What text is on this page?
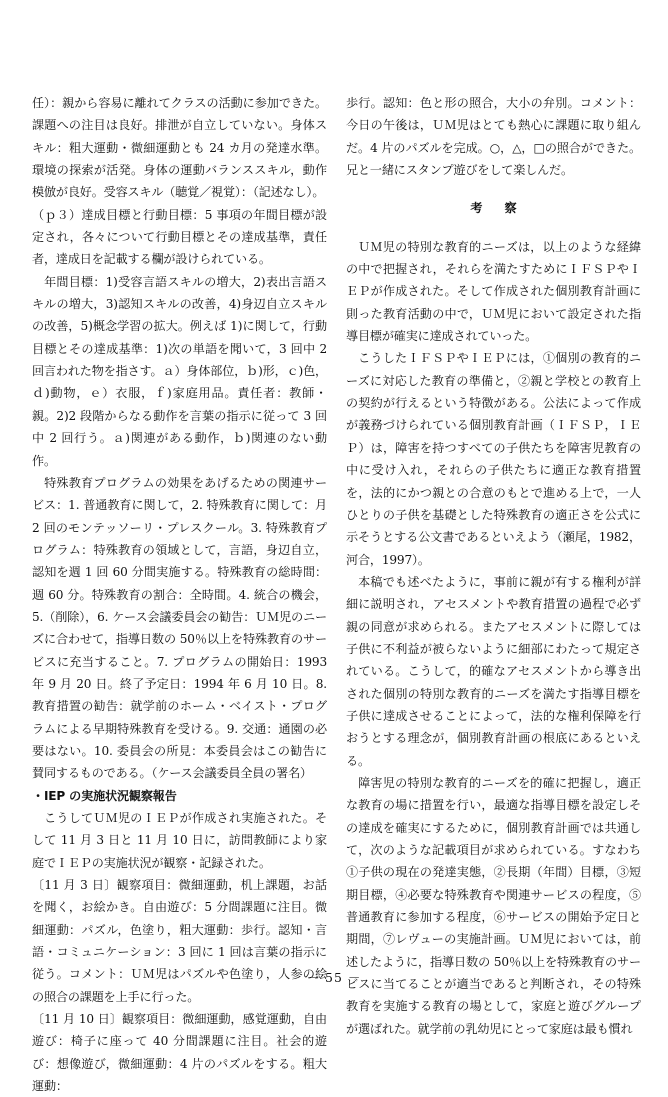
任）：親から容易に離れてクラスの活動に参加できた。課題への注目は良好。排泄が自立していない。身体スキル：粗大運動・微細運動とも 24 カ月の発達水準。環境の探索が活発。身体の運動バランススキル，動作模倣が良好。受容スキル（聴覚／視覚）：（記述なし）。

（ｐ３）達成目標と行動目標：5 事項の年間目標が設定され，各々について行動目標とその達成基準，責任者，達成日を記載する欄が設けられている。

年間目標：1)受容言語スキルの増大，2)表出言語スキルの増大，3)認知スキルの改善，4)身辺自立スキルの改善，5)概念学習の拡大。例えば 1)に関して，行動目標とその達成基準：1)次の単語を聞いて，3 回中 2 回言われた物を指さす。ａ）身体部位，ｂ)形，ｃ)色，ｄ)動物，ｅ）衣服，ｆ)家庭用品。責任者：教師・親。2)2 段階からなる動作を言葉の指示に従って 3 回中 2 回行う。ａ)関連がある動作，ｂ)関連のない動作。

特殊教育プログラムの効果をあげるための関連サービス：1. 普通教育に関して，2. 特殊教育に関して：月 2 回のモンテッソーリ・プレスクール。3. 特殊教育プログラム：特殊教育の領域として，言語，身辺自立，認知を週 1 回 60 分間実施する。特殊教育の総時間：週 60 分。特殊教育の割合：全時間。4. 統合の機会，5.（削除），6. ケース会議委員会の勧告：ＵＭ児のニーズに合わせて，指導日数の 50％以上を特殊教育のサービスに充当すること。7. プログラムの開始日：1993 年 9 月 20 日。終了予定日：1994 年 6 月 10 日。8. 教育措置の勧告：就学前のホーム・ベイスト・プログラムによる早期特殊教育を受ける。9. 交通：通園の必要はない。10. 委員会の所見：本委員会はこの勧告に賛同するものである。（ケース会議委員全員の署名）

・IEP の実施状況観察報告

こうしてＵＭ児のＩＥＰが作成され実施された。そして 11 月 3 日と 11 月 10 日に，訪問教師により家庭でＩＥＰの実施状況が観察・記録された。

〔11 月 3 日〕観察項目：微細運動，机上課題，お話を聞く，お絵かき。自由遊び：5 分間課題に注目。微細運動：パズル，色塗り，粗大運動：歩行。認知・言語・コミュニケーション：3 回に 1 回は言葉の指示に従う。コメント：ＵＭ児はパズルや色塗り，人参の絵の照合の課題を上手に行った。

〔11 月 10 日〕観察項目：微細運動，感覚運動，自由遊び：椅子に座って 40 分間課題に注目。社会的遊び：想像遊び，微細運動：4 片のパズルをする。粗大運動：

歩行。認知：色と形の照合，大小の弁別。コメント：今日の午後は，ＵＭ児はとても熱心に課題に取り組んだ。4 片のパズルを完成。○，△，□の照合ができた。兄と一緒にスタンプ遊びをして楽しんだ。

考察

ＵＭ児の特別な教育的ニーズは，以上のような経緯の中で把握され，それらを満たすためにＩＦＳＰやＩＥＰが作成された。そして作成された個別教育計画に則った教育活動の中で，ＵＭ児において設定された指導目標が確実に達成されていった。

こうしたＩＦＳＰやＩＥＰには，①個別の教育的ニーズに対応した教育の準備と，②親と学校との教育上の契約が行えるという特徴がある。公法によって作成が義務づけられている個別教育計画（ＩＦＳＰ，ＩＥＰ）は，障害を持つすべての子供たちを障害児教育の中に受け入れ，それらの子供たちに適正な教育措置を，法的にかつ親との合意のもとで進める上で，一人ひとりの子供を基礎とした特殊教育の適正さを公式に示そうとする公文書であるといえよう（瀬尾，1982，河合，1997）。

本稿でも述べたように，事前に親が有する権利が詳細に説明され，アセスメントや教育措置の過程で必ず親の同意が求められる。またアセスメントに際しては子供に不利益が被らないように細部にわたって規定されている。こうして，的確なアセスメントから導き出された個別の特別な教育的ニーズを満たす指導目標を子供に達成させることによって，法的な権利保障を行おうとする理念が，個別教育計画の根底にあるといえる。

障害児の特別な教育的ニーズを的確に把握し，適正な教育の場に措置を行い，最適な指導目標を設定しその達成を確実にするために，個別教育計画では共通して，次のような記載項目が求められている。すなわち①子供の現在の発達実態，②長期（年間）目標，③短期目標，④必要な特殊教育や関連サービスの程度，⑤普通教育に参加する程度，⑥サービスの開始予定日と期間，⑦レヴューの実施計画。ＵＭ児においては，前述したように，指導日数の 50％以上を特殊教育のサービスに当てることが適当であると判断され，その特殊教育を実施する教育の場として，家庭と遊びグループが選ばれた。就学前の乳幼児にとって家庭は最も慣れ

－ 55 －
